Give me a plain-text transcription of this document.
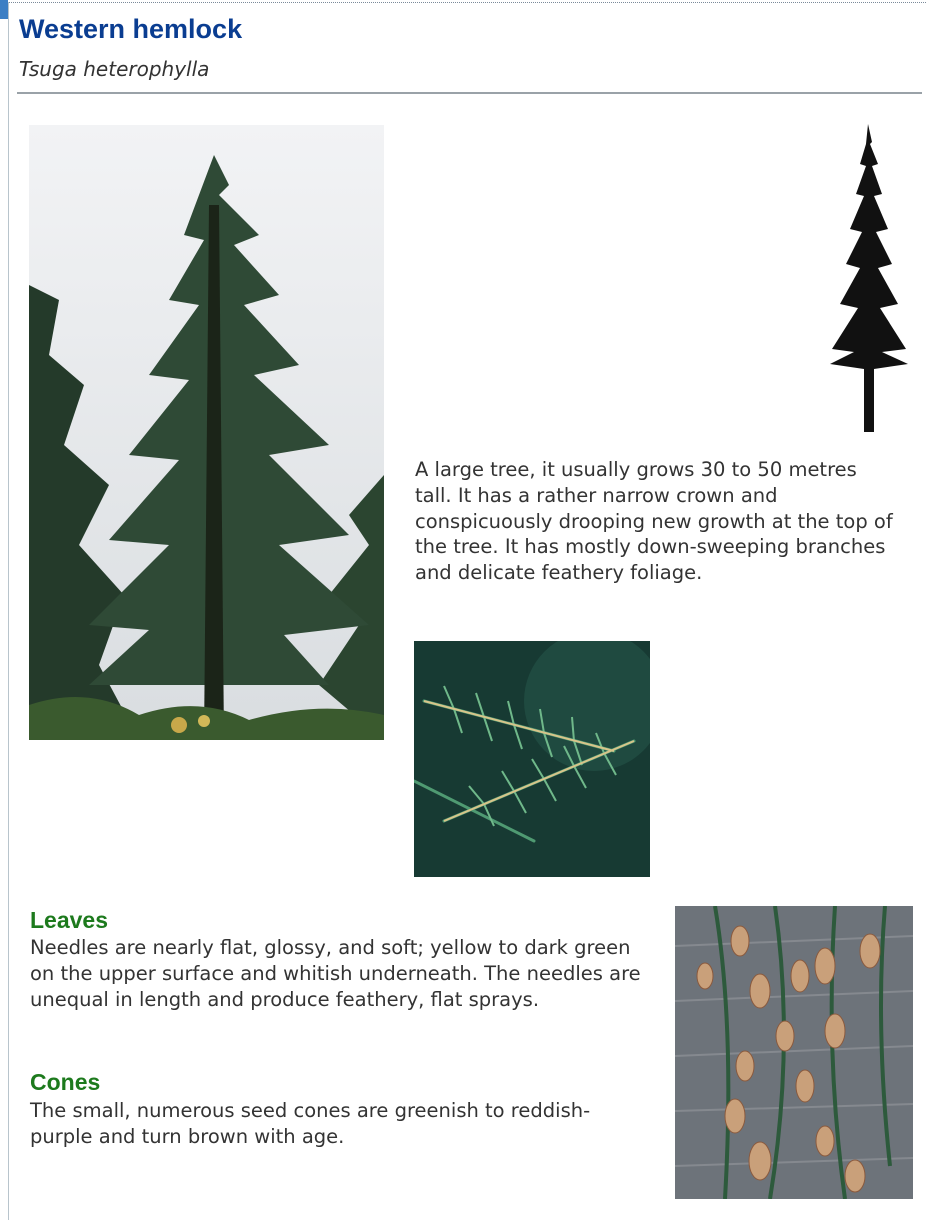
Western hemlock
Tsuga heterophylla

A large tree, it usually grows 30 to 50 metres tall. It has a rather narrow crown and conspicuously drooping new growth at the top of the tree. It has mostly down-sweeping branches and delicate feathery foliage.

Leaves

Needles are nearly flat, glossy, and soft; yellow to dark green on the upper surface and whitish underneath. The needles are unequal in length and produce feathery, flat sprays.

Cones

The small, numerous seed cones are greenish to reddish-purple and turn brown with age.
